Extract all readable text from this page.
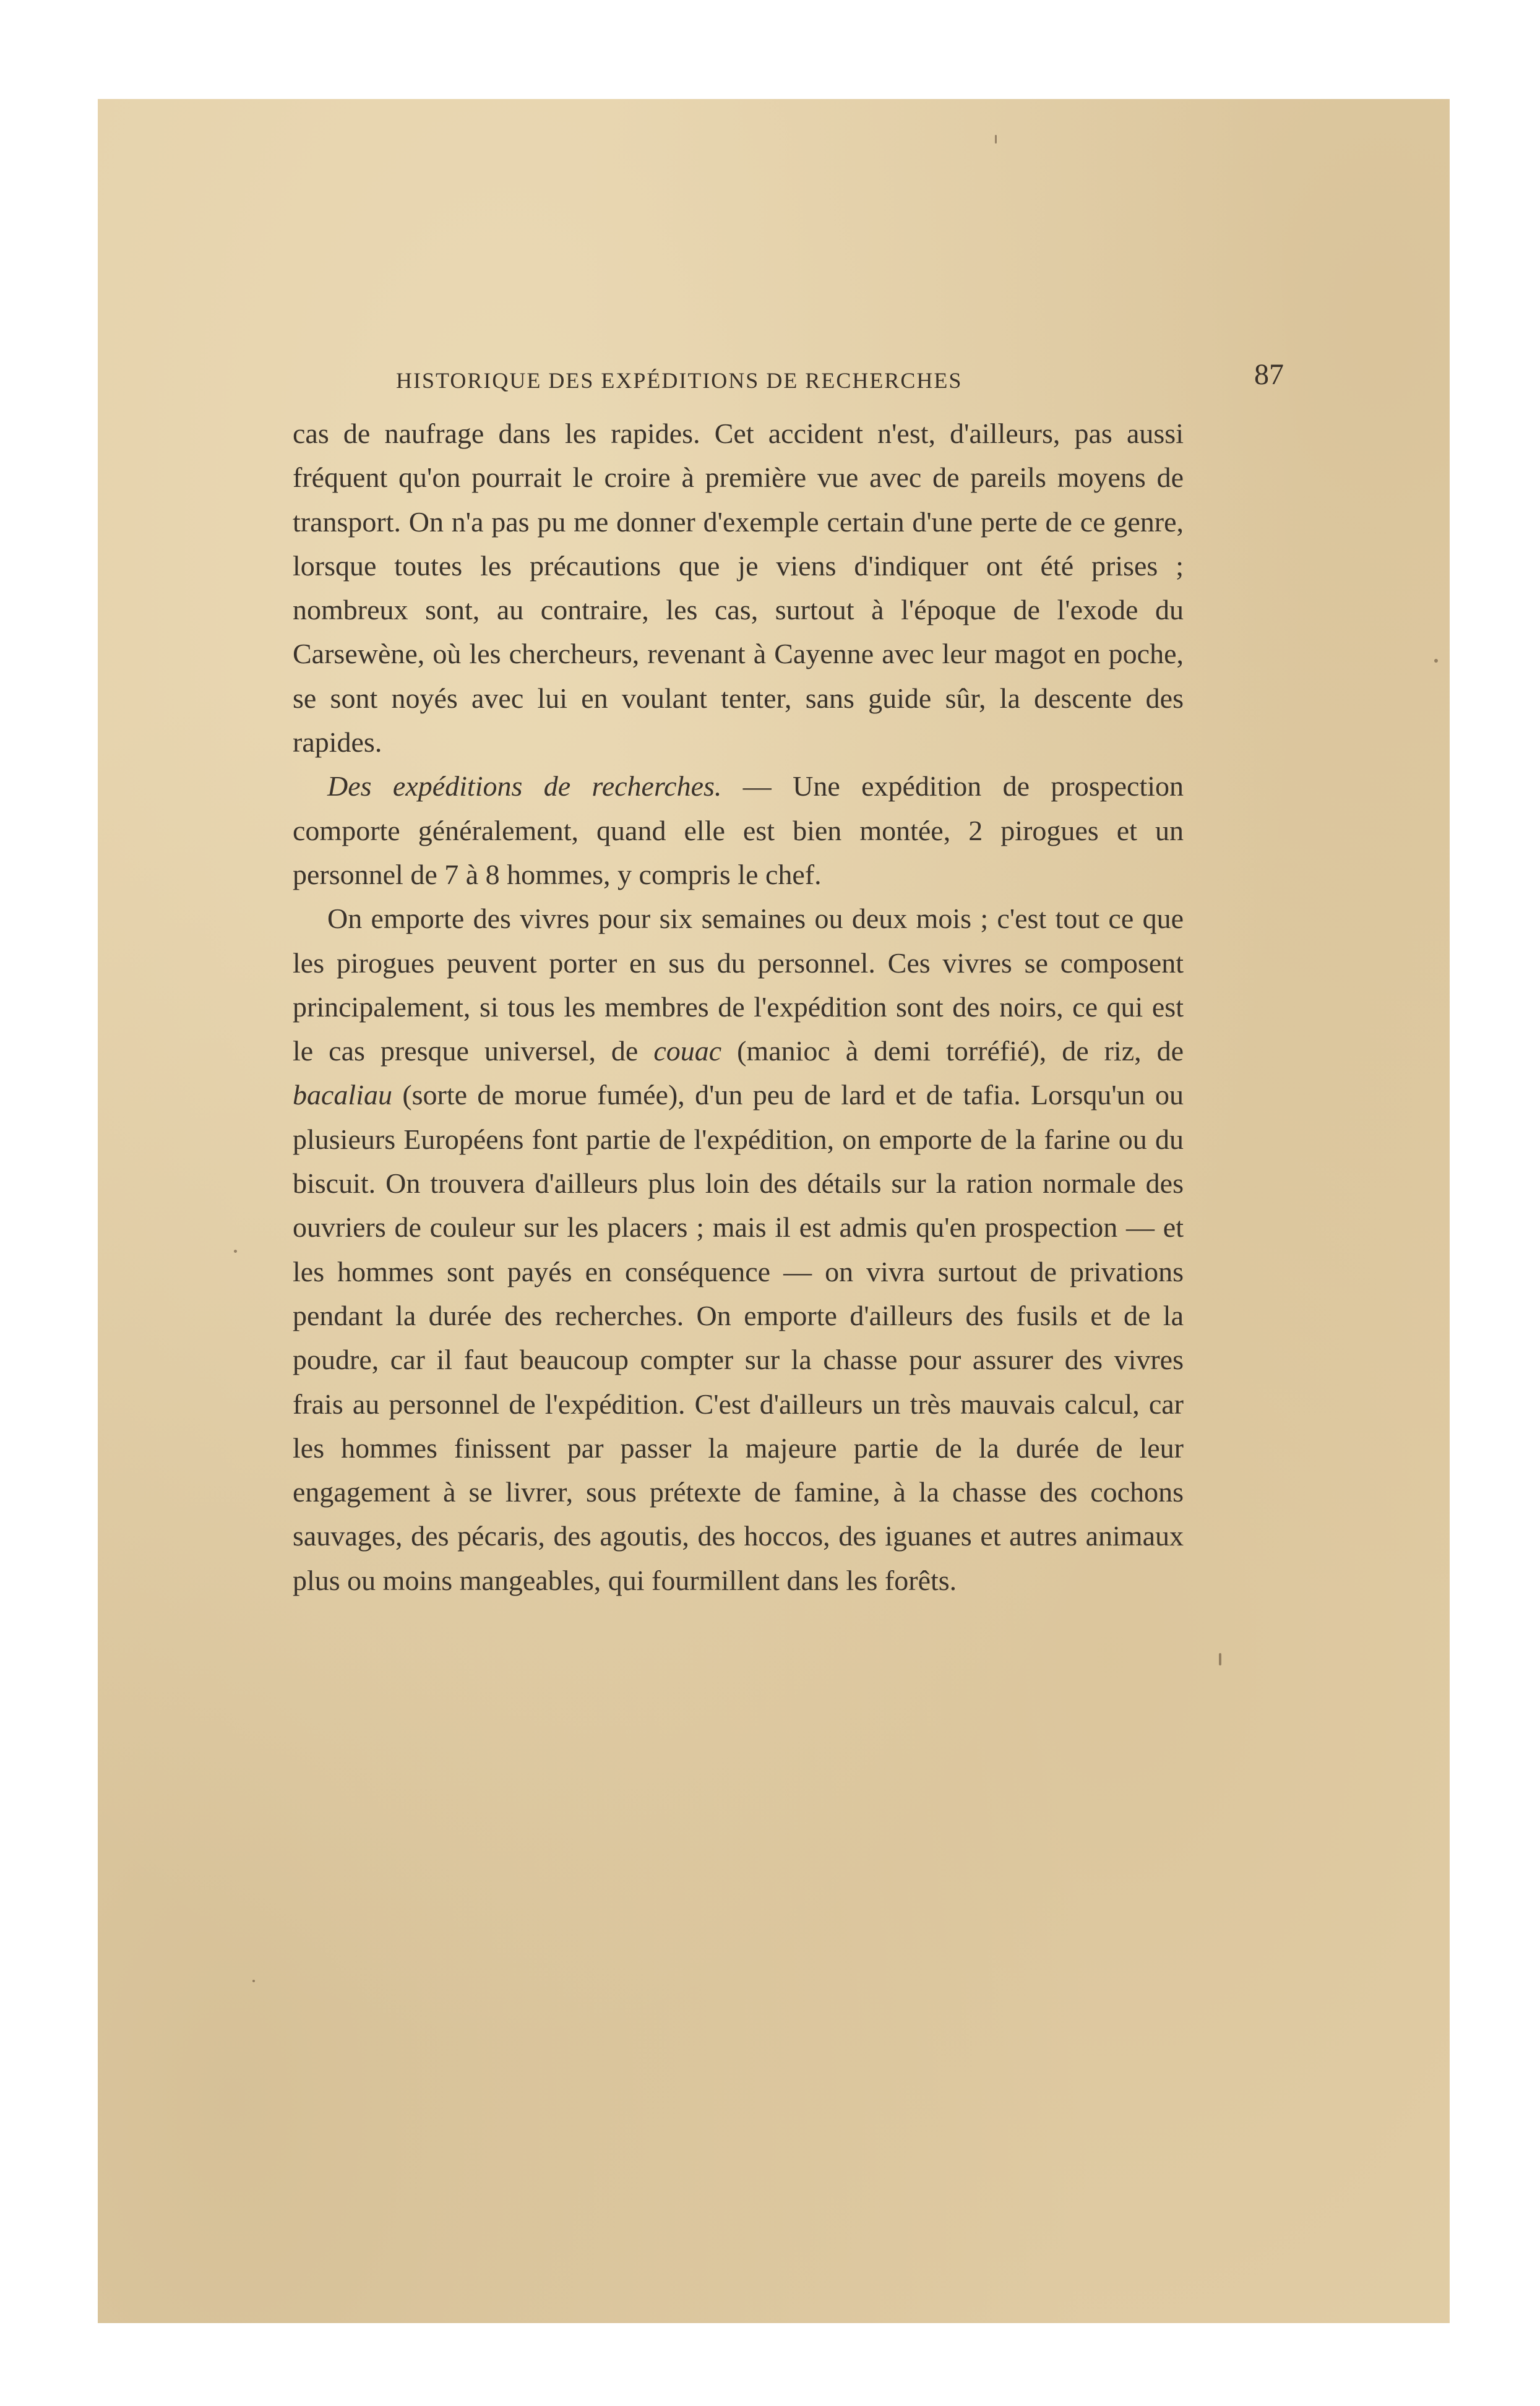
HISTORIQUE DES EXPÉDITIONS DE RECHERCHES	87

cas de naufrage dans les rapides. Cet accident n'est, d'ailleurs, pas aussi fréquent qu'on pourrait le croire à première vue avec de pareils moyens de transport. On n'a pas pu me donner d'exemple certain d'une perte de ce genre, lorsque toutes les précautions que je viens d'indiquer ont été prises ; nombreux sont, au contraire, les cas, surtout à l'époque de l'exode du Carsewène, où les chercheurs, revenant à Cayenne avec leur magot en poche, se sont noyés avec lui en voulant tenter, sans guide sûr, la descente des rapides.

Des expéditions de recherches. — Une expédition de prospection comporte généralement, quand elle est bien montée, 2 pirogues et un personnel de 7 à 8 hommes, y compris le chef.

On emporte des vivres pour six semaines ou deux mois ; c'est tout ce que les pirogues peuvent porter en sus du personnel. Ces vivres se composent principalement, si tous les membres de l'expédition sont des noirs, ce qui est le cas presque universel, de couac (manioc à demi torréfié), de riz, de bacaliau (sorte de morue fumée), d'un peu de lard et de tafia. Lorsqu'un ou plusieurs Européens font partie de l'expédition, on emporte de la farine ou du biscuit. On trouvera d'ailleurs plus loin des détails sur la ration normale des ouvriers de couleur sur les placers ; mais il est admis qu'en prospection — et les hommes sont payés en conséquence — on vivra surtout de privations pendant la durée des recherches. On emporte d'ailleurs des fusils et de la poudre, car il faut beaucoup compter sur la chasse pour assurer des vivres frais au personnel de l'expédition. C'est d'ailleurs un très mauvais calcul, car les hommes finissent par passer la majeure partie de la durée de leur engagement à se livrer, sous prétexte de famine, à la chasse des cochons sauvages, des pécaris, des agoutis, des hoccos, des iguanes et autres animaux plus ou moins mangeables, qui fourmillent dans les forêts.
